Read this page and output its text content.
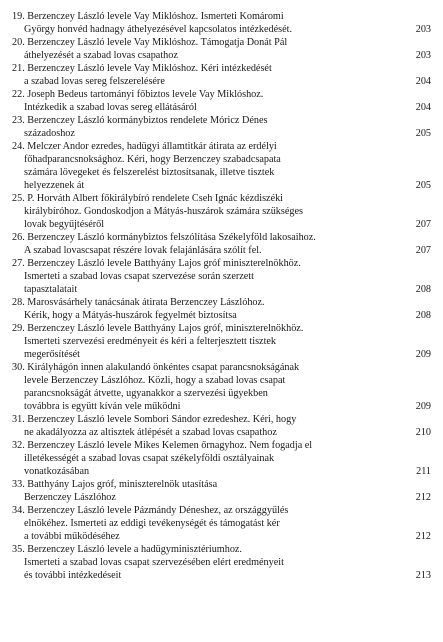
19. Berzenczey László levele Vay Miklóshoz. Ismerteti Komáromi
György honvéd hadnagy áthelyezésével kapcsolatos intézkedését.	203
20. Berzenczey László levele Vay Miklóshoz. Támogatja Donát Pál
áthelyezését a szabad lovas csapathoz	203
21. Berzenczey László levele Vay Miklóshoz. Kéri intézkedését
a szabad lovas sereg felszerelésére	204
22. Joseph Bedeus tartományi főbiztos levele Vay Miklóshoz.
Intézkedik a szabad lovas sereg ellátásáról	204
23. Berzenczey László kormánybiztos rendelete Móricz Dénes
századoshoz	205
24. Melczer Andor ezredes, hadügyi államtitkár átirata az erdélyi
főhadparancsnoksághoz. Kéri, hogy Berzenczey szabadcsapata
számára lövegeket és felszerelést biztosítsanak, illetve tisztek
helyezzenek át	205
25. P. Horváth Albert főkirálybíró rendelete Cseh Ignác kézdiszéki
királybíróhoz. Gondoskodjon a Mátyás-huszárok számára szükséges
lovak begyűjtéséről	207
26. Berzenczey László kormánybiztos felszólítása Székelyföld lakosaihoz.
A szabad lovascsapat részére lovak felajánlására szólít fel.	207
27. Berzenczey László levele Batthyány Lajos gróf miniszterelnökhöz.
Ismerteti a szabad lovas csapat szervezése során szerzett
tapasztalatait	208
28. Marosvásárhely tanácsának átirata Berzenczey Lászlóhoz.
Kérik, hogy a Mátyás-huszárok fegyelmét biztosítsa	208
29. Berzenczey László levele Batthyány Lajos gróf, miniszterelnökhöz.
Ismerteti szervezési eredményeit és kéri a felterjesztett tisztek
megerősítését	209
30. Királyhágón innen alakulandó önkéntes csapat parancsnokságának
levele Berzenczey Lászlóhoz. Közli, hogy a szabad lovas csapat
parancsnokságát átvette, ugyanakkor a szervezési ügyekben
továbbra is együtt kíván vele működni	209
31. Berzenczey László levele Sombori Sándor ezredeshez. Kéri, hogy
ne akadályozza az altisztek átlépését a szabad lovas csapathoz	210
32. Berzenczey László levele Mikes Kelemen őrnagyhoz. Nem fogadja el
illetékességét a szabad lovas csapat székelyföldi osztályainak
vonatkozásában	211
33. Batthyány Lajos gróf, miniszterelnök utasítása
Berzenczey Lászlóhoz	212
34. Berzenczey László levele Pázmándy Déneshez, az országgyűlés
elnökéhez. Ismerteti az eddigi tevékenységét és támogatást kér
a további működéséhez	212
35. Berzenczey László levele a hadügyminisztériumhoz.
Ismerteti a szabad lovas csapat szervezésében elért eredményeit
és további intézkedéseit	213
